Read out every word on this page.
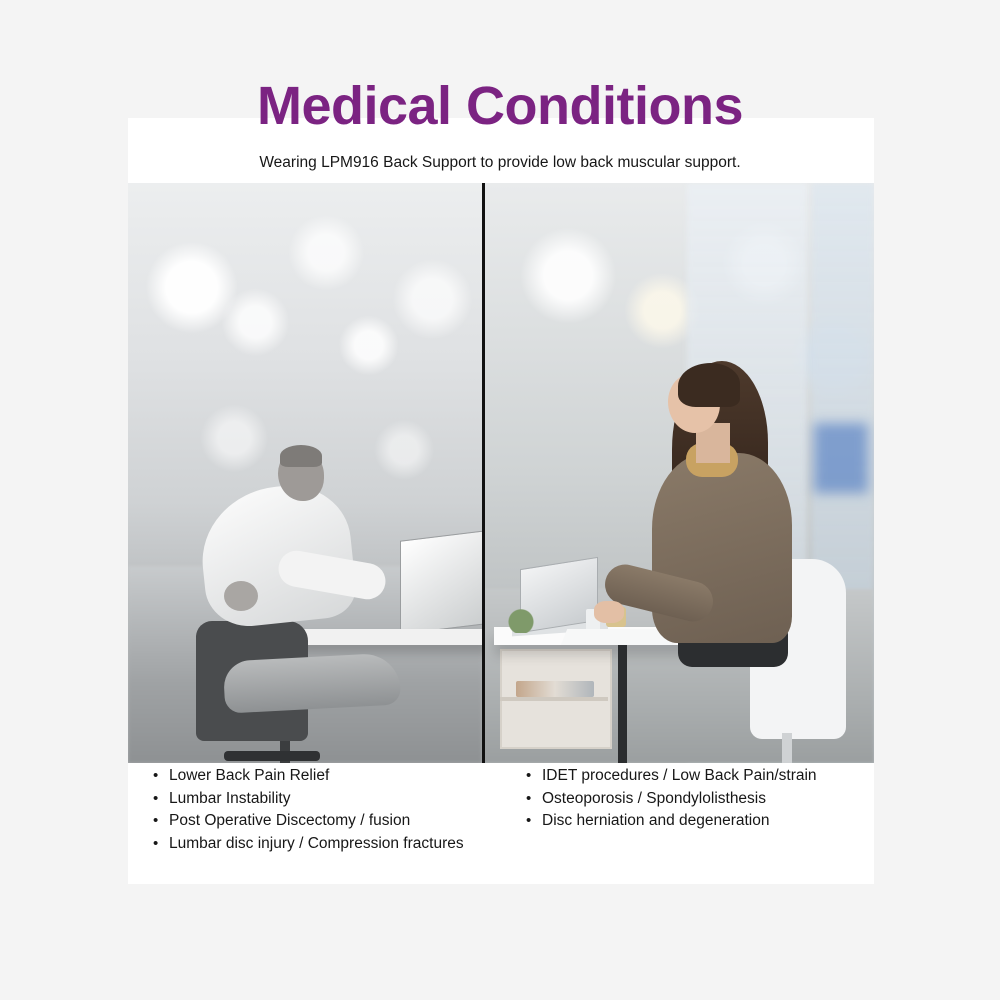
Medical Conditions
Wearing LPM916 Back Support to provide low back muscular support.
• Lower Back Pain Relief
• Lumbar Instability
• Post Operative Discectomy / fusion
• Lumbar disc injury / Compression fractures
• IDET procedures / Low Back Pain/strain
• Osteoporosis / Spondylolisthesis
• Disc herniation and degeneration
